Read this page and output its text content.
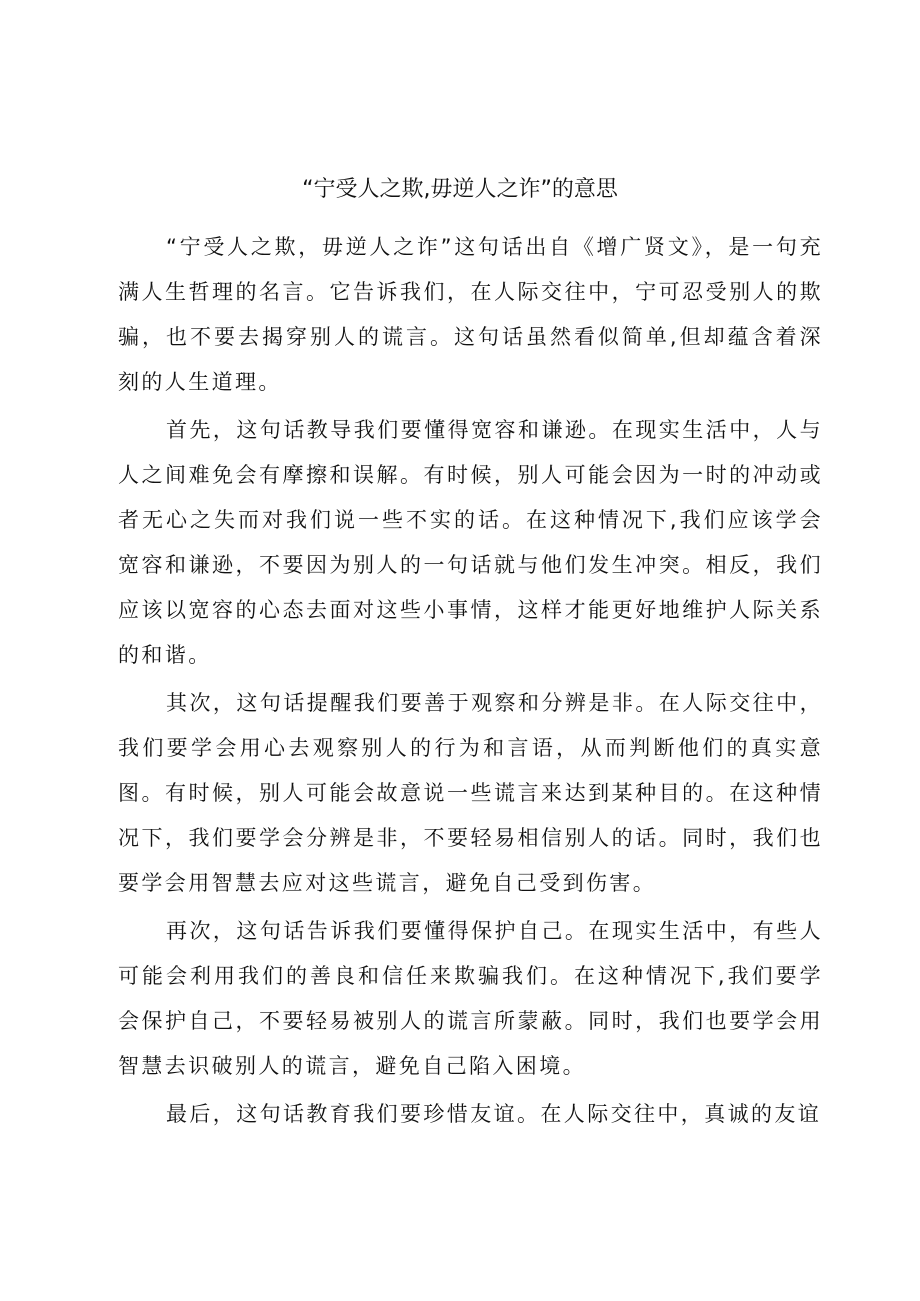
“宁受人之欺,毋逆人之诈”的意思

“宁受人之欺，毋逆人之诈”这句话出自《增广贤文》，是一句充满人生哲理的名言。它告诉我们，在人际交往中，宁可忍受别人的欺骗，也不要去揭穿别人的谎言。这句话虽然看似简单,但却蕴含着深刻的人生道理。

首先，这句话教导我们要懂得宽容和谦逊。在现实生活中，人与人之间难免会有摩擦和误解。有时候，别人可能会因为一时的冲动或者无心之失而对我们说一些不实的话。在这种情况下,我们应该学会宽容和谦逊，不要因为别人的一句话就与他们发生冲突。相反，我们应该以宽容的心态去面对这些小事情，这样才能更好地维护人际关系的和谐。

其次，这句话提醒我们要善于观察和分辨是非。在人际交往中，我们要学会用心去观察别人的行为和言语，从而判断他们的真实意图。有时候，别人可能会故意说一些谎言来达到某种目的。在这种情况下，我们要学会分辨是非，不要轻易相信别人的话。同时，我们也要学会用智慧去应对这些谎言，避免自己受到伤害。

再次，这句话告诉我们要懂得保护自己。在现实生活中，有些人可能会利用我们的善良和信任来欺骗我们。在这种情况下,我们要学会保护自己，不要轻易被别人的谎言所蒙蔽。同时，我们也要学会用智慧去识破别人的谎言，避免自己陷入困境。

最后，这句话教育我们要珍惜友谊。在人际交往中，真诚的友谊
